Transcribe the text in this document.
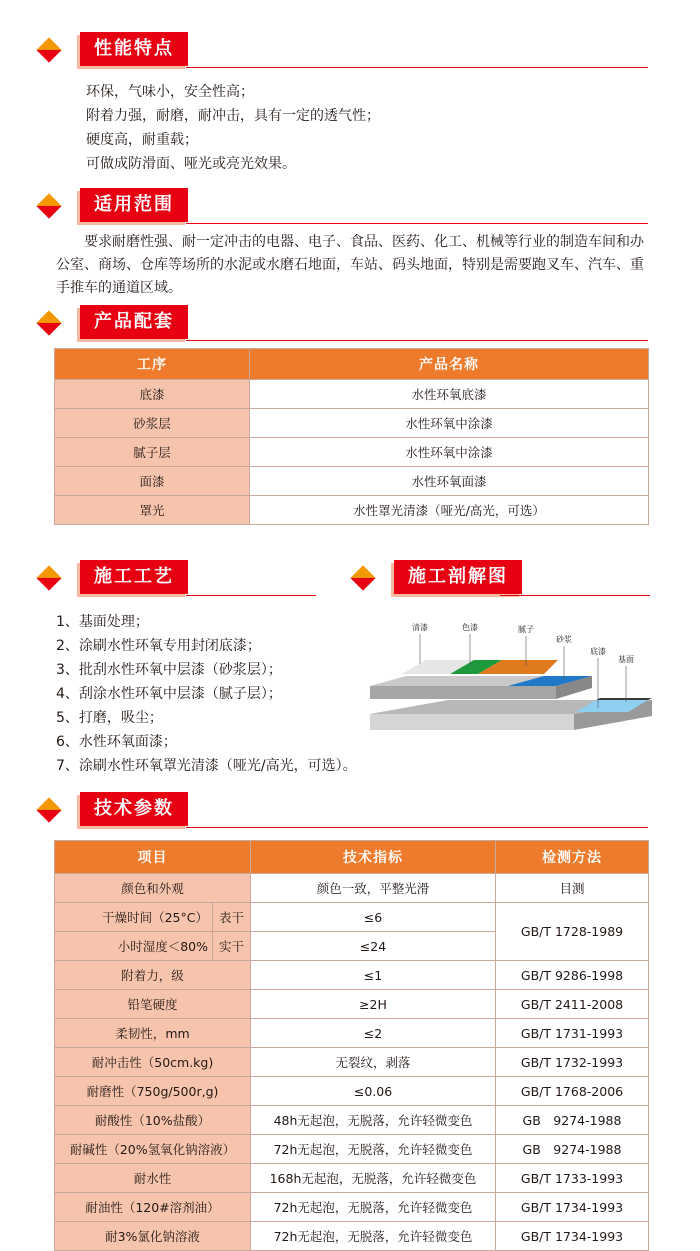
性能特点
环保，气味小，安全性高；
附着力强，耐磨，耐冲击，具有一定的透气性；
硬度高，耐重载；
可做成防滑面、哑光或亮光效果。
适用范围
要求耐磨性强、耐一定冲击的电器、电子、食品、医药、化工、机械等行业的制造车间和办公室、商场、仓库等场所的水泥或水磨石地面，车站、码头地面，特别是需要跑叉车、汽车、重手推车的通道区域。
产品配套
工序	产品名称
底漆	水性环氧底漆
砂浆层	水性环氧中涂漆
腻子层	水性环氧中涂漆
面漆	水性环氧面漆
罩光	水性罩光清漆（哑光/高光，可选）
施工工艺
1、基面处理；
2、涂刷水性环氧专用封闭底漆；
3、批刮水性环氧中层漆（砂浆层）；
4、刮涂水性环氧中层漆（腻子层）；
5、打磨，吸尘；
6、水性环氧面漆；
7、涂刷水性环氧罩光清漆（哑光/高光，可选）。
施工剖解图
清漆	色漆	腻子
砂浆
底漆
基面
技术参数
项目		技术指标	检测方法
颜色和外观		颜色一致，平整光滑	目测
干燥时间（25°C）	表干	≤6	GB/T 1728-1989
小时湿度＜80%	实干	≤24	
附着力，级		≤1	GB/T 9286-1998
铅笔硬度		≥2H	GB/T 2411-2008
柔韧性，mm		≤2	GB/T 1731-1993
耐冲击性（50cm.kg)		无裂纹，剥落	GB/T 1732-1993
耐磨性（750g/500r,g)		≤0.06	GB/T 1768-2006
耐酸性（10%盐酸）		48h无起泡，无脱落，允许轻微变色	GB　9274-1988
耐碱性（20%氢氧化钠溶液）		72h无起泡，无脱落，允许轻微变色	GB　9274-1988
耐水性		168h无起泡，无脱落，允许轻微变色	GB/T 1733-1993
耐油性（120#溶剂油）		72h无起泡，无脱落，允许轻微变色	GB/T 1734-1993
耐3%氯化钠溶液		72h无起泡，无脱落，允许轻微变色	GB/T 1734-1993
